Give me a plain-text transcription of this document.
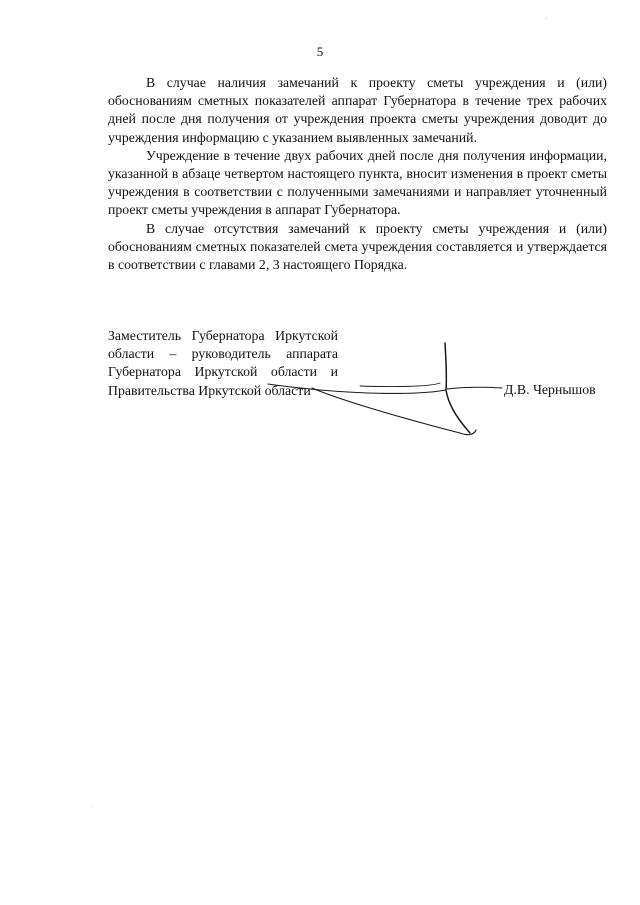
5

В случае наличия замечаний к проекту сметы учреждения и (или) обоснованиям сметных показателей аппарат Губернатора в течение трех рабочих дней после дня получения от учреждения проекта сметы учреждения доводит до учреждения информацию с указанием выявленных замечаний.

Учреждение в течение двух рабочих дней после дня получения информации, указанной в абзаце четвертом настоящего пункта, вносит изменения в проект сметы учреждения в соответствии с полученными замечаниями и направляет уточненный проект сметы учреждения в аппарат Губернатора.

В случае отсутствия замечаний к проекту сметы учреждения и (или) обоснованиям сметных показателей смета учреждения составляется и утверждается в соответствии с главами 2, 3 настоящего Порядка.

Заместитель Губернатора Иркутской
области – руководитель аппарата
Губернатора Иркутской области и
Правительства Иркутской области	Д.В. Чернышов
